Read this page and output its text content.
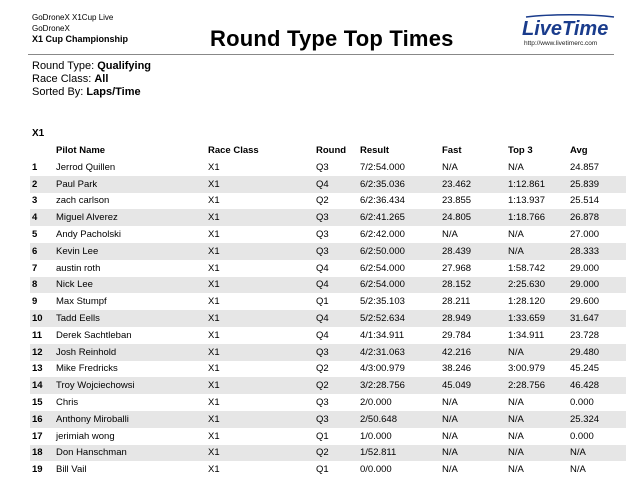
GoDroneX X1Cup Live
GoDroneX
X1 Cup Championship	Round Type Top Times	LiveTime
http://www.livetimerc.com
Round Type: Qualifying
Race Class: All
Sorted By: Laps/Time
X1
	Pilot Name	Race Class	Round	Result	Fast	Top 3	Avg
1	Jerrod Quillen	X1	Q3	7/2:54.000	N/A	N/A	24.857
2	Paul Park	X1	Q4	6/2:35.036	23.462	1:12.861	25.839
3	zach carlson	X1	Q2	6/2:36.434	23.855	1:13.937	25.514
4	Miguel Alverez	X1	Q3	6/2:41.265	24.805	1:18.766	26.878
5	Andy Pacholski	X1	Q3	6/2:42.000	N/A	N/A	27.000
6	Kevin Lee	X1	Q3	6/2:50.000	28.439	N/A	28.333
7	austin roth	X1	Q4	6/2:54.000	27.968	1:58.742	29.000
8	Nick Lee	X1	Q4	6/2:54.000	28.152	2:25.630	29.000
9	Max Stumpf	X1	Q1	5/2:35.103	28.211	1:28.120	29.600
10	Tadd Eells	X1	Q4	5/2:52.634	28.949	1:33.659	31.647
11	Derek Sachtleban	X1	Q4	4/1:34.911	29.784	1:34.911	23.728
12	Josh Reinhold	X1	Q3	4/2:31.063	42.216	N/A	29.480
13	Mike Fredricks	X1	Q2	4/3:00.979	38.246	3:00.979	45.245
14	Troy Wojciechowsi	X1	Q2	3/2:28.756	45.049	2:28.756	46.428
15	Chris	X1	Q3	2/0.000	N/A	N/A	0.000
16	Anthony Miroballi	X1	Q3	2/50.648	N/A	N/A	25.324
17	jerimiah wong	X1	Q1	1/0.000	N/A	N/A	0.000
18	Don Hanschman	X1	Q2	1/52.811	N/A	N/A	N/A
19	Bill Vail	X1	Q1	0/0.000	N/A	N/A	N/A
